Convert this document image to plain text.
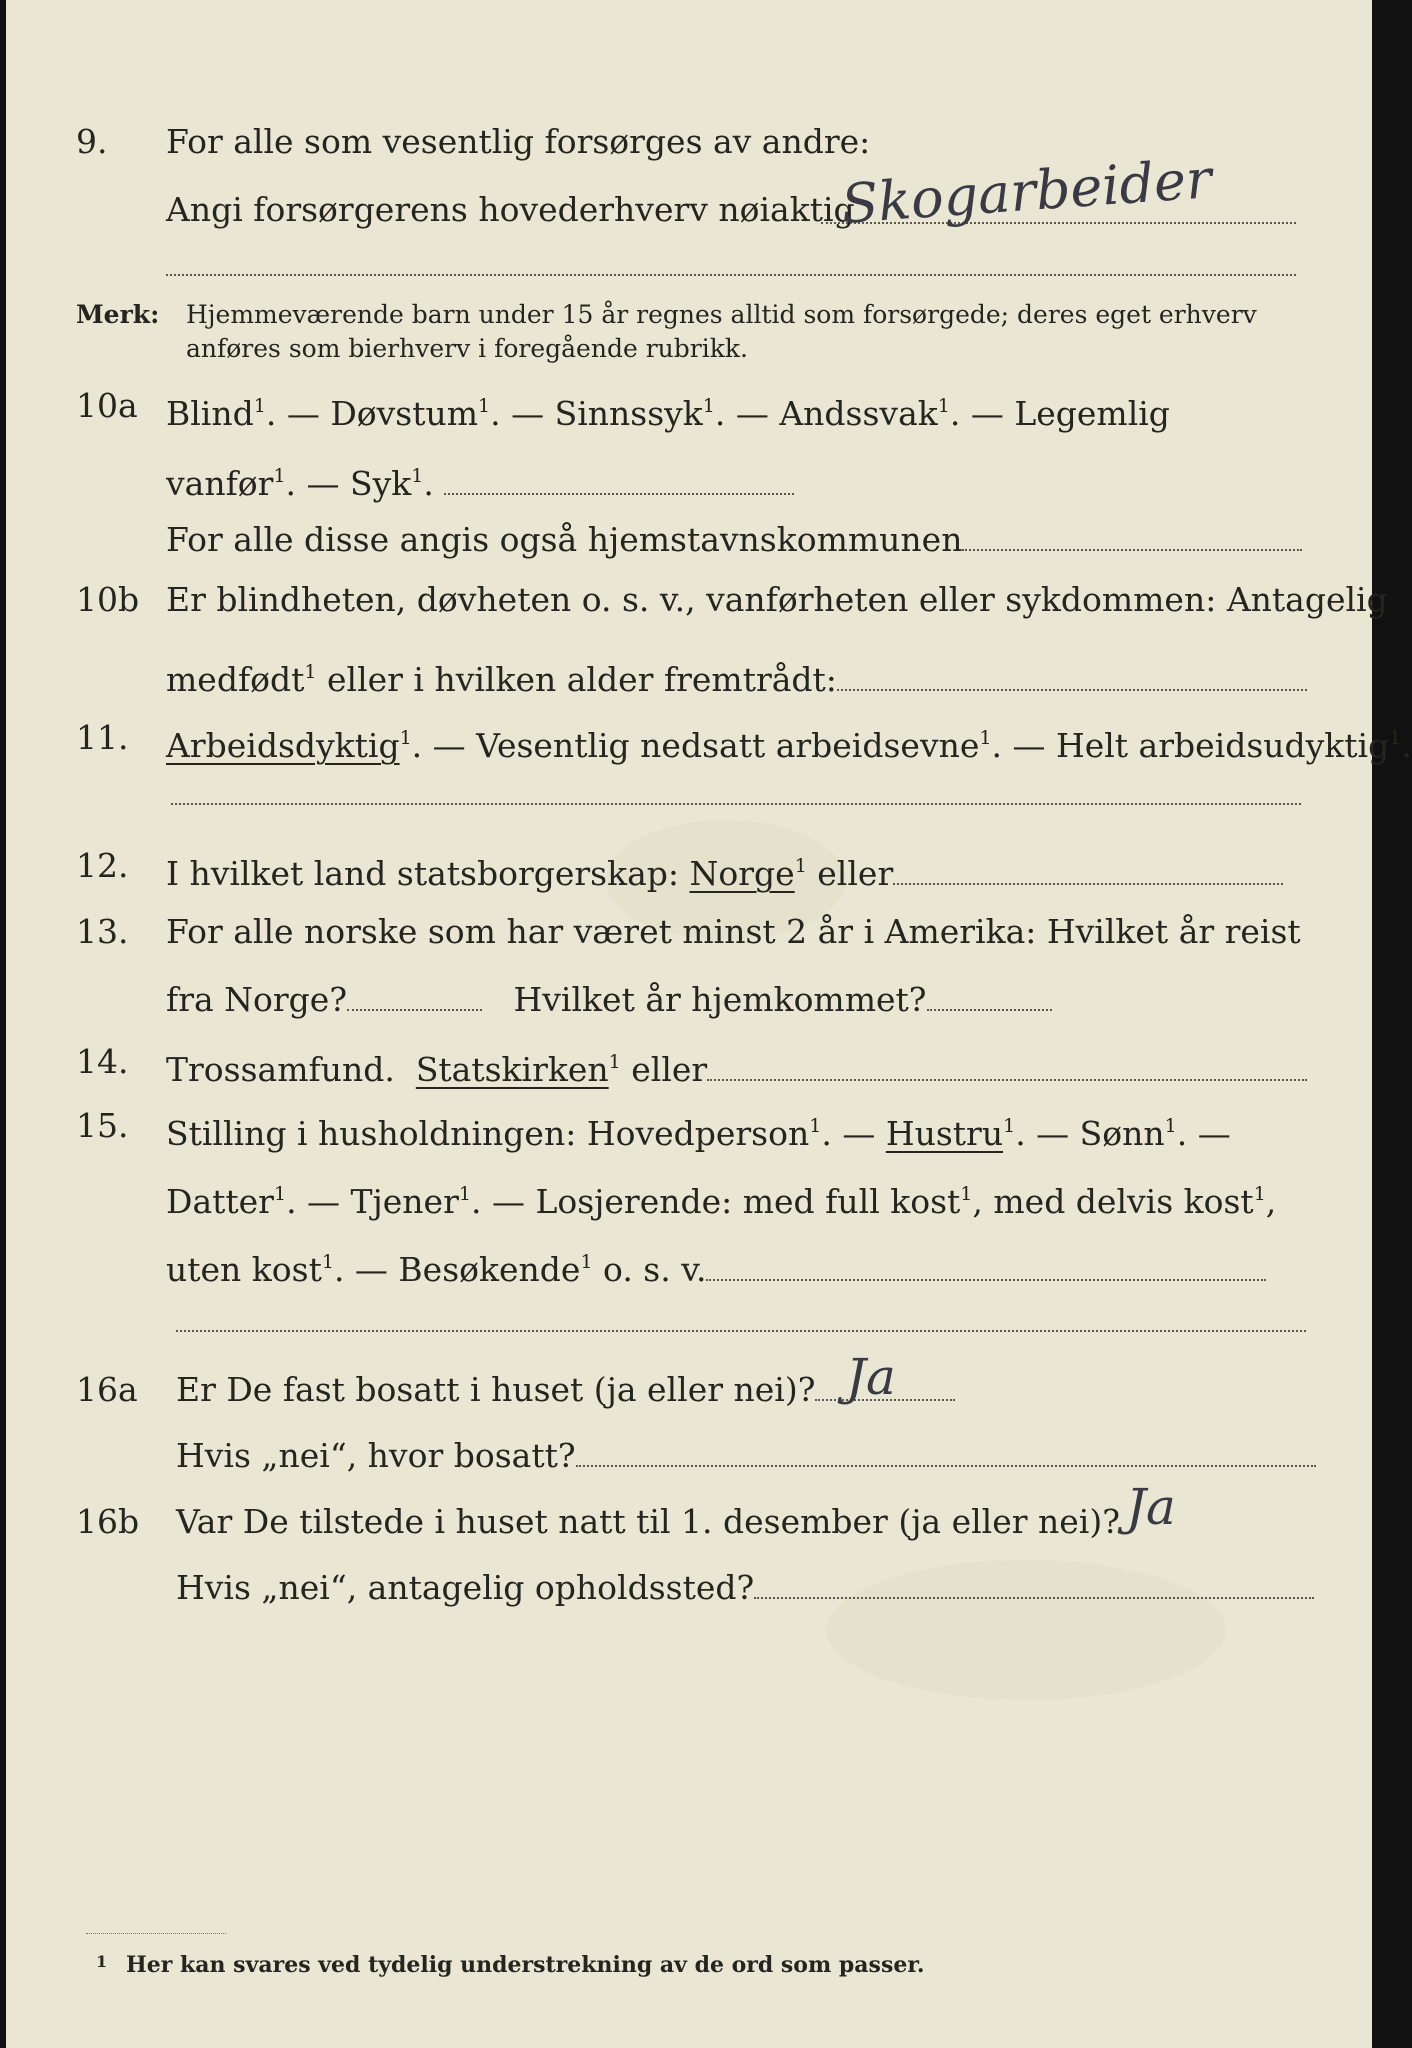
9. For alle som vesentlig forsørges av andre:
Angi forsørgerens hovederhverv nøiaktig
Skogarbeider
Merk: Hjemmeværende barn under 15 år regnes alltid som forsørgede; deres eget erhverv anføres som bierhverv i foregående rubrikk.
10a Blind$^1$. — Døvstum$^1$. — Sinnssyk$^1$. — Andssvak$^1$. — Legemlig
vanfør$^1$. — Syk$^1$.
For alle disse angis også hjemstavnskommunen
10b Er blindheten, døvheten o. s. v., vanførheten eller sykdommen: Antagelig
medfødt$^1$ eller i hvilken alder fremtrådt:
11. Arbeidsdyktig$^1$. — Vesentlig nedsatt arbeidsevne$^1$. — Helt arbeidsudyktig$^1$.
12. I hvilket land statsborgerskap: Norge$^1$ eller
13. For alle norske som har været minst 2 år i Amerika: Hvilket år reist
fra Norge?	Hvilket år hjemkommet?
14. Trossamfund. Statskirken$^1$ eller
15. Stilling i husholdningen: Hovedperson$^1$. — Hustru$^1$. — Sønn$^1$. —
Datter$^1$. — Tjener$^1$. — Losjerende: med full kost$^1$, med delvis kost$^1$,
uten kost$^1$. — Besøkende$^1$ o. s. v.
16a Er De fast bosatt i huset (ja eller nei)? Ja
Hvis „nei“, hvor bosatt?
16b Var De tilstede i huset natt til 1. desember (ja eller nei)? Ja
Hvis „nei“, antagelig opholdssted?
1 Her kan svares ved tydelig understrekning av de ord som passer.
